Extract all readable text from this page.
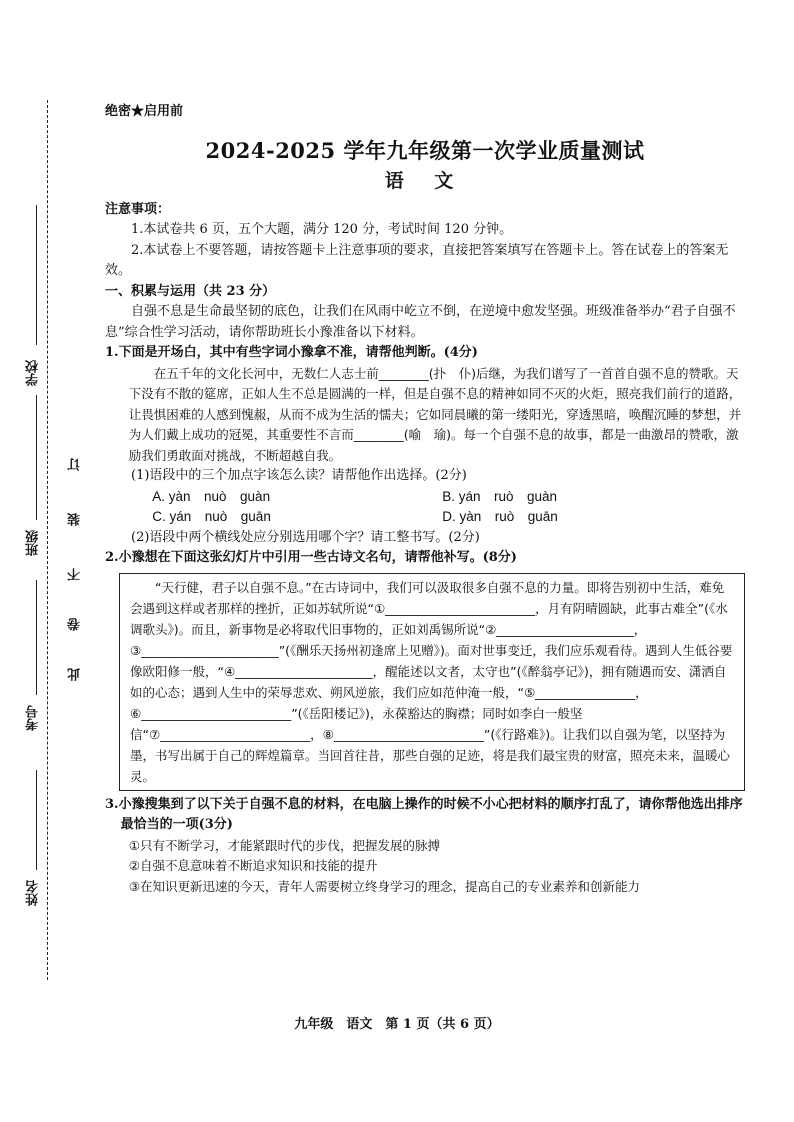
学校
班级
考号
姓名
订
装
不
卷
此

绝密★启用前

2024-2025 学年九年级第一次学业质量测试

语 文

注意事项：

1.本试卷共 6 页，五个大题，满分 120 分，考试时间 120 分钟。

2.本试卷上不要答题，请按答题卡上注意事项的要求，直接把答案填写在答题卡上。答在试卷上的答案无效。

一、积累与运用（共 23 分）

自强不息是生命最坚韧的底色，让我们在风雨中屹立不倒，在逆境中愈发坚强。班级准备举办“君子自强不息”综合性学习活动，请你帮助班长小豫准备以下材料。

1.下面是开场白，其中有些字词小豫拿不准，请帮他判断。(4分)

在五千年的文化长河中，无数仁人志士前________(扑　仆)后继，为我们谱写了一首首自强不息的赞歌。天下没有不散的筵席，正如人生不总是圆满的一样，但是自强不息的精神如同不灭的火炬，照亮我们前行的道路，让畏惧困难的人感到愧赧，从而不成为生活的懦夫；它如同晨曦的第一缕阳光，穿透黑暗，唤醒沉睡的梦想，并为人们戴上成功的冠冕，其重要性不言而________(喻　瑜)。每一个自强不息的故事，都是一曲激昂的赞歌，激励我们勇敢面对挑战，不断超越自我。

(1)语段中的三个加点字该怎么读？请帮他作出选择。(2分)

A. yàn　nuò　guàn	B. yán　ruò　guàn
C. yán　nuò　guān	D. yàn　ruò　guān

(2)语段中两个横线处应分别选用哪个字？请工整书写。(2分)

2.小豫想在下面这张幻灯片中引用一些古诗文名句，请帮他补写。(8分)

“天行健，君子以自强不息。”在古诗词中，我们可以汲取很多自强不息的力量。即将告别初中生活，难免会遇到这样或者那样的挫折，正如苏轼所说“①________________________，月有阴晴圆缺，此事古难全”(《水调歌头》)。而且，新事物是必将取代旧事物的，正如刘禹锡所说“②______________________，③______________________”(《酬乐天扬州初逢席上见赠》)。面对世事变迁，我们应乐观看待。遇到人生低谷要像欧阳修一般，“④______________________，醒能述以文者，太守也”(《醉翁亭记》)，拥有随遇而安、潇洒自如的心态；遇到人生中的荣辱悲欢、朔风逆旅，我们应如范仲淹一般，“⑤________________，⑥________________________”(《岳阳楼记》)，永葆豁达的胸襟；同时如李白一般坚信“⑦________________________，⑧________________________”(《行路难》)。让我们以自强为笔，以坚持为墨，书写出属于自己的辉煌篇章。当回首往昔，那些自强的足迹，将是我们最宝贵的财富，照亮未来，温暖心灵。

3.小豫搜集到了以下关于自强不息的材料，在电脑上操作的时候不小心把材料的顺序打乱了，请你帮他选出排序最恰当的一项(3分)

①只有不断学习，才能紧跟时代的步伐，把握发展的脉搏

②自强不息意味着不断追求知识和技能的提升

③在知识更新迅速的今天，青年人需要树立终身学习的理念，提高自己的专业素养和创新能力

九年级　语文　第 1 页（共 6 页）
